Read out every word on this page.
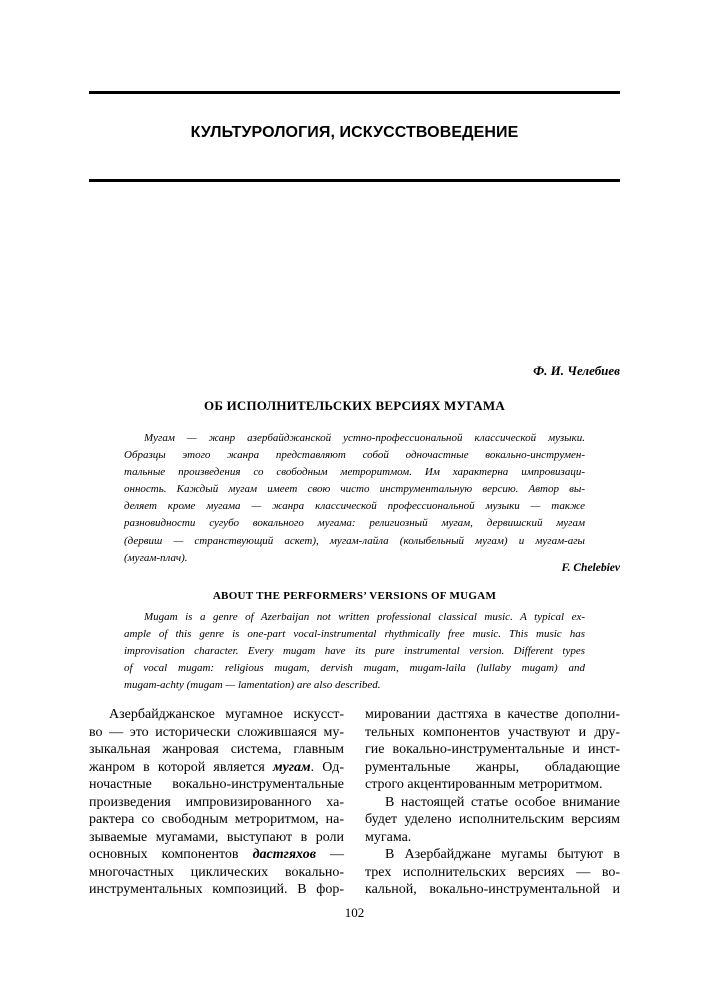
КУЛЬТУРОЛОГИЯ, ИСКУССТВОВЕДЕНИЕ
Ф. И. Челебиев
ОБ ИСПОЛНИТЕЛЬСКИХ ВЕРСИЯХ МУГАМА
Мугам — жанр азербайджанской устно-профессиональной классической музыки.
Образцы этого жанра представляют собой одночастные вокально-инструмен-
тальные произведения со свободным метроритмом. Им характерна импровизаци-
онность. Каждый мугам имеет свою чисто инструментальную версию. Автор вы-
деляет кроме мугама — жанра классической профессиональной музыки — также
разновидности сугубо вокального мугама: религиозный мугам, дервишский мугам
(дервиш — странствующий аскет), мугам-лайла (колыбельный мугам) и мугам-агы
(мугам-плач).
F. Chelebiev
ABOUT THE PERFORMERS’ VERSIONS OF MUGAM
Mugam is a genre of Azerbaijan not written professional classical music. A typical ex-
ample of this genre is one-part vocal-instrumental rhythmically free music. This music has
improvisation character. Every mugam have its pure instrumental version. Different types
of vocal mugam: religious mugam, dervish mugam, mugam-laila (lullaby mugam) and
mugam-achty (mugam — lamentation) are also described.
Азербайджанское мугамное искусст-
во — это исторически сложившаяся му-
зыкальная жанровая система, главным
жанром в которой является мугам. Од-
ночастные вокально-инструментальные
произведения импровизированного ха-
рактера со свободным метроритмом, на-
зываемые мугамами, выступают в роли
основных компонентов дастгяхов —
многочастных циклических вокально-
инструментальных композиций. В фор-
мировании дастгяха в качестве дополни-
тельных компонентов участвуют и дру-
гие вокально-инструментальные и инст-
рументальные жанры, обладающие
строго акцентированным метроритмом.
В настоящей статье особое внимание
будет уделено исполнительским версиям
мугама.
В Азербайджане мугамы бытуют в
трех исполнительских версиях — во-
кальной, вокально-инструментальной и
102
